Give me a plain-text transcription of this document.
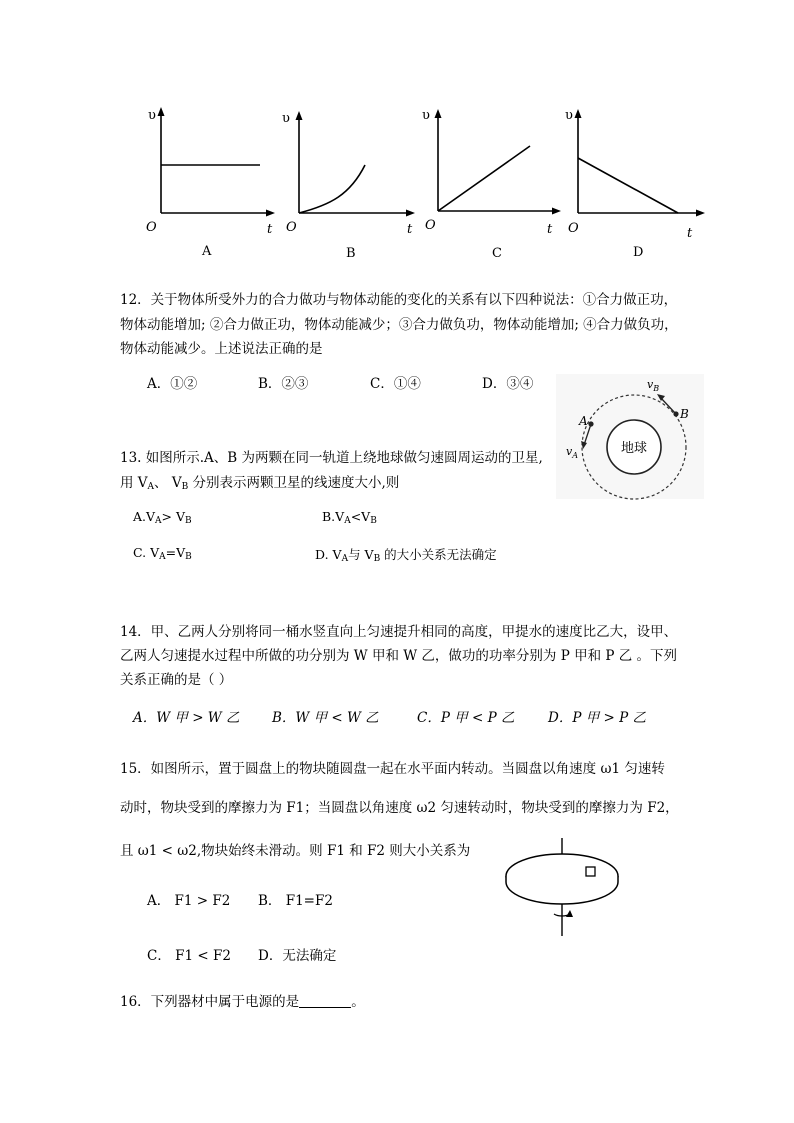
υ
O	t
A
υ
O	t
B
υ
O	t
C
υ
O	t
D
12．关于物体所受外力的合力做功与物体动能的变化的关系有以下四种说法：①合力做正功，
物体动能增加; ②合力做正功，物体动能减少；③合力做负功，物体动能增加; ④合力做负功，
物体动能减少。上述说法正确的是
A．①②	B．②③	C．①④	D．③④
13. 如图所示.A、B 为两颗在同一轨道上绕地球做匀速圆周运动的卫星,
用 $V_A$、 $V_B$ 分别表示两颗卫星的线速度大小,则
地球
A
$v_A$
B
$v_B$
$A.V_A> V_B$	$B.V_A<V_B$
C. $V_A=V_B$	D. $V_A$与 $V_B$ 的大小关系无法确定
14．甲、乙两人分别将同一桶水竖直向上匀速提升相同的高度，甲提水的速度比乙大，设甲、
乙两人匀速提水过程中所做的功分别为 W 甲和 W 乙，做功的功率分别为 P 甲和 P 乙 。下列
关系正确的是（ ）
A．W 甲 > W 乙 B．W 甲 < W 乙	C．P 甲 < P 乙 D．P 甲 > P 乙
15．如图所示，置于圆盘上的物块随圆盘一起在水平面内转动。当圆盘以角速度 ω1 匀速转
动时，物块受到的摩擦力为 F1；当圆盘以角速度 ω2 匀速转动时，物块受到的摩擦力为 F2，
且 ω1 < ω2,物块始终未滑动。则 F1 和 F2 则大小关系为
A． F1 > F2 B． F1=F2
C． F1 < F2 D．无法确定
16．下列器材中属于电源的是	。
